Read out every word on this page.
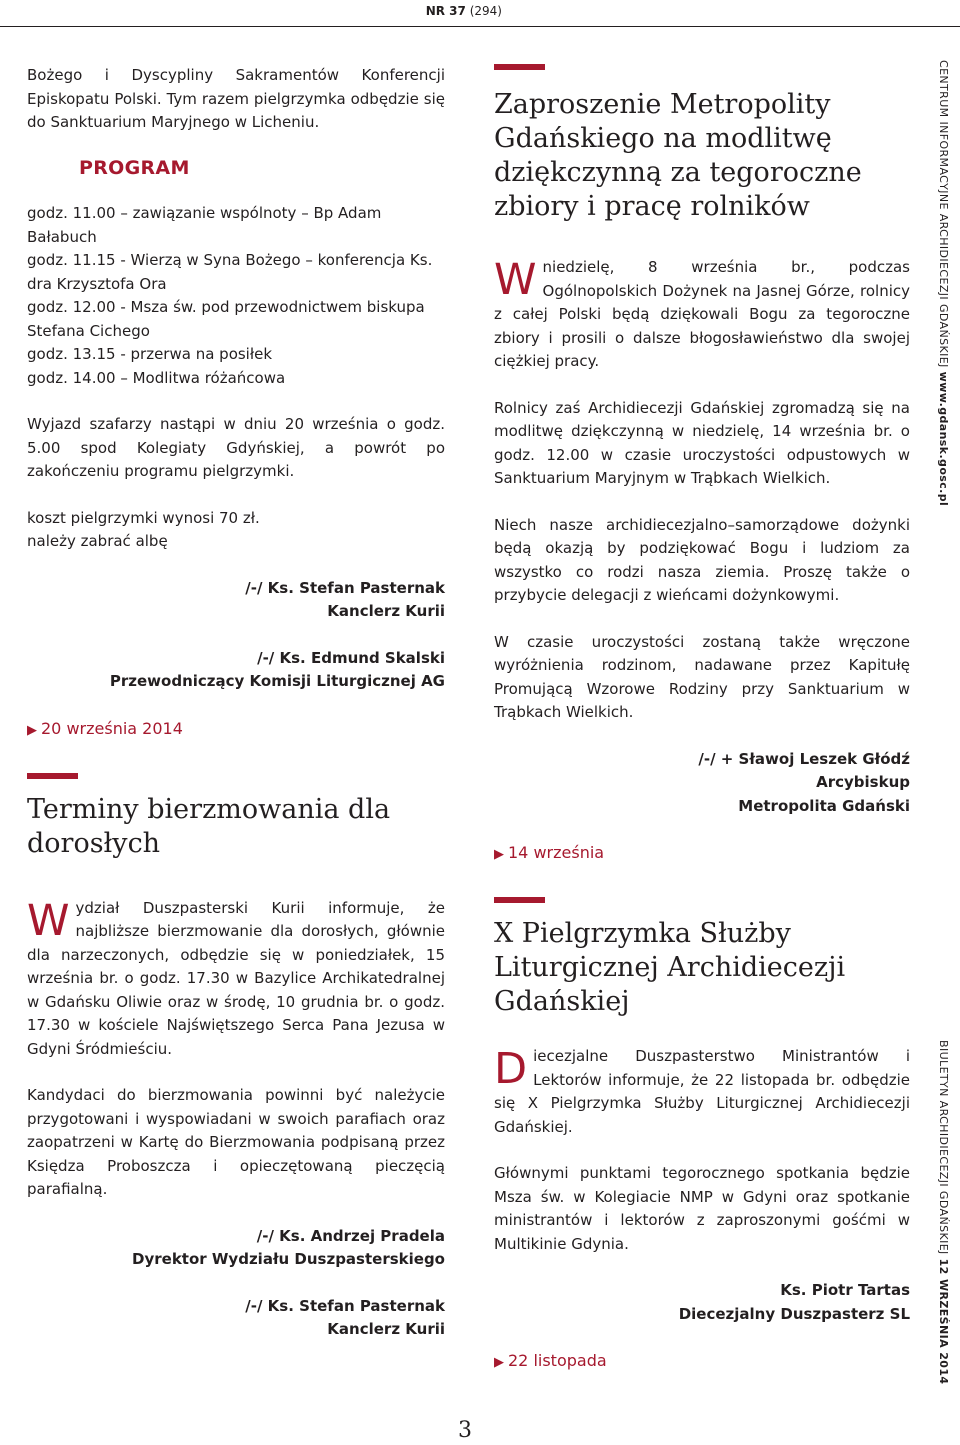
NR 37 (294)

Bożego i Dyscypliny Sakramentów Konferencji Episkopatu Polski. Tym razem pielgrzymka odbędzie się do Sanktuarium Maryjnego w Licheniu.

PROGRAM

godz. 11.00 – zawiązanie wspólnoty – Bp Adam Bałabuch

godz. 11.15 - Wierzą w Syna Bożego – konferencja Ks. dra Krzysztofa Ora

godz. 12.00 - Msza św. pod przewodnictwem biskupa Stefana Cichego

godz. 13.15 - przerwa na posiłek

godz. 14.00 – Modlitwa różańcowa

Wyjazd szafarzy nastąpi w dniu 20 września o godz. 5.00 spod Kolegiaty Gdyńskiej, a powrót po zakończeniu programu pielgrzymki.

koszt pielgrzymki wynosi 70 zł.

należy zabrać albę

/-/ Ks. Stefan Pasternak
Kanclerz Kurii
/-/ Ks. Edmund Skalski
Przewodniczący Komisji Liturgicznej AG
▶ 20 września 2014
Terminy bierzmowania dla dorosłych

Wydział Duszpasterski Kurii informuje, że najbliższe bierzmowanie dla dorosłych, głównie dla narzeczonych, odbędzie się w poniedziałek, 15 września br. o godz. 17.30 w Bazylice Archikatedralnej w Gdańsku Oliwie oraz w środę, 10 grudnia br. o godz. 17.30 w kościele Najświętszego Serca Pana Jezusa w Gdyni Śródmieściu.

Kandydaci do bierzmowania powinni być należycie przygotowani i wyspowiadani w swoich parafiach oraz zaopatrzeni w Kartę do Bierzmowania podpisaną przez Księdza Proboszcza i opieczętowaną pieczęcią parafialną.

/-/ Ks. Andrzej Pradela
Dyrektor Wydziału Duszpasterskiego
/-/ Ks. Stefan Pasternak
Kanclerz Kurii
Zaproszenie Metropolity Gdańskiego na modlitwę dziękczynną za tegoroczne zbiory i pracę rolników

Wniedzielę, 8 września br., podczas Ogólnopolskich Dożynek na Jasnej Górze, rolnicy z całej Polski będą dziękowali Bogu za tegoroczne zbiory i prosili o dalsze błogosławieństwo dla swojej ciężkiej pracy.

Rolnicy zaś Archidiecezji Gdańskiej zgromadzą się na modlitwę dziękczynną w niedzielę, 14 września br. o godz. 12.00 w czasie uroczystości odpustowych w Sanktuarium Maryjnym w Trąbkach Wielkich.

Niech nasze archidiecezjalno–samorządowe dożynki będą okazją by podziękować Bogu i ludziom za wszystko co rodzi nasza ziemia. Proszę także o przybycie delegacji z wieńcami dożynkowymi.

W czasie uroczystości zostaną także wręczone wyróżnienia rodzinom, nadawane przez Kapitułę Promującą Wzorowe Rodziny przy Sanktuarium w Trąbkach Wielkich.

/-/ + Sławoj Leszek Głódź
Arcybiskup
Metropolita Gdański
▶ 14 września
X Pielgrzymka Służby Liturgicznej Archidiecezji Gdańskiej

Diecezjalne Duszpasterstwo Ministrantów i Lektorów informuje, że 22 listopada br. odbędzie się X Pielgrzymka Służby Liturgicznej Archidiecezji Gdańskiej.

Głównymi punktami tegorocznego spotkania będzie Msza św. w Kolegiacie NMP w Gdyni oraz spotkanie ministrantów i lektorów z zaproszonymi gośćmi w Multikinie Gdynia.

Ks. Piotr Tartas
Diecezjalny Duszpasterz SL
▶ 22 listopada
CENTRUM INFORMACYJNE ARCHIDIECEZJI GDAŃSKIEJ www.gdansk.gosc.pl
BIULETYN ARCHIDIECEZJI GDAŃSKIEJ 12 WRZEŚNIA 2014
3
